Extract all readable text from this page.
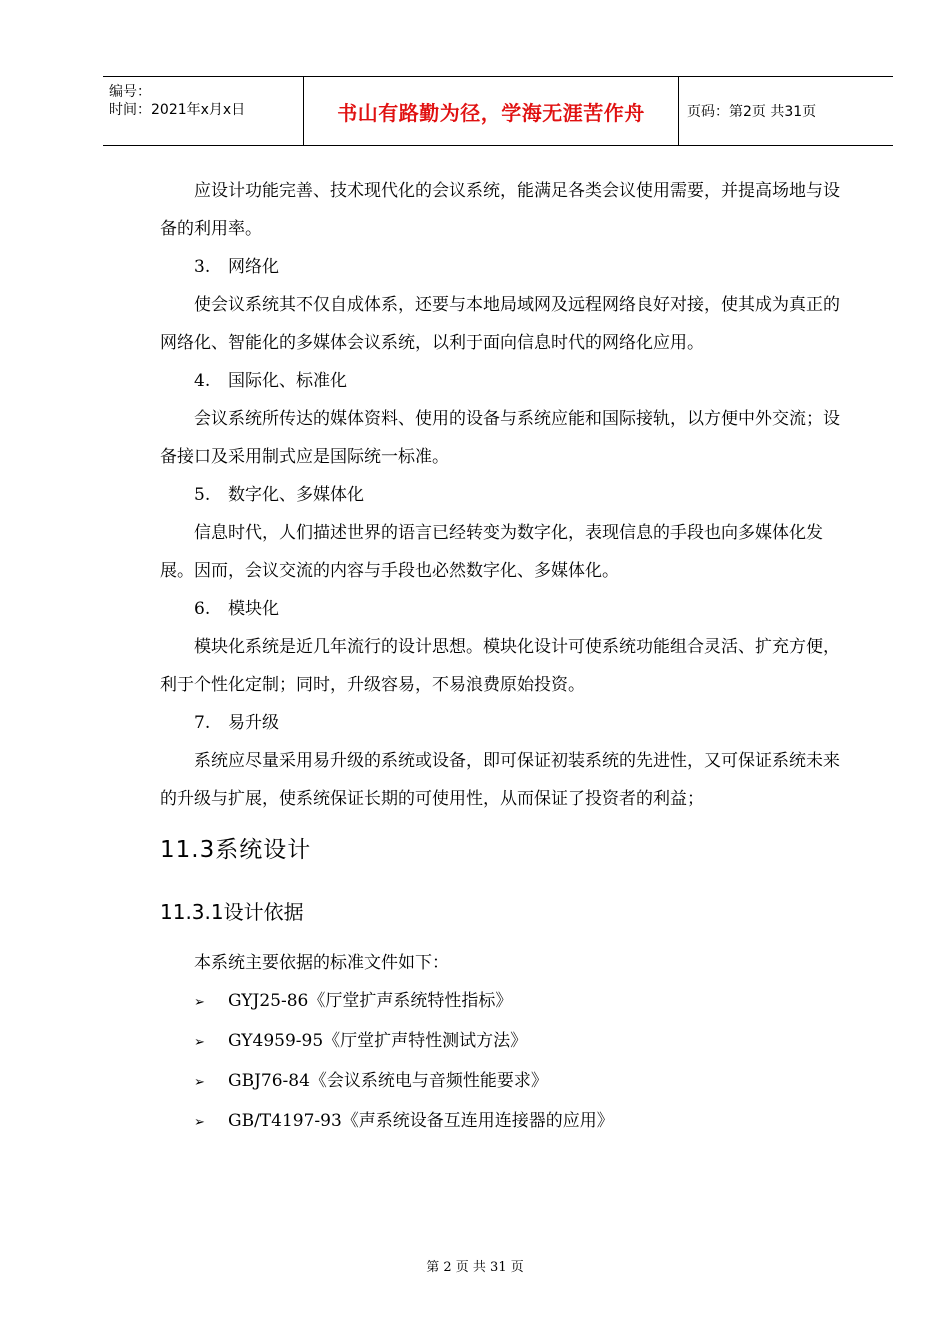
编号：
时间：2021年x月x日	书山有路勤为径，学海无涯苦作舟	页码：第2页 共31页

应设计功能完善、技术现代化的会议系统，能满足各类会议使用需要，并提高场地与设备的利用率。

3. 网络化

使会议系统其不仅自成体系，还要与本地局域网及远程网络良好对接，使其成为真正的网络化、智能化的多媒体会议系统，以利于面向信息时代的网络化应用。

4. 国际化、标准化

会议系统所传达的媒体资料、使用的设备与系统应能和国际接轨，以方便中外交流；设备接口及采用制式应是国际统一标准。

5. 数字化、多媒体化

信息时代，人们描述世界的语言已经转变为数字化，表现信息的手段也向多媒体化发展。因而，会议交流的内容与手段也必然数字化、多媒体化。

6. 模块化

模块化系统是近几年流行的设计思想。模块化设计可使系统功能组合灵活、扩充方便，利于个性化定制；同时，升级容易，不易浪费原始投资。

7. 易升级

系统应尽量采用易升级的系统或设备，即可保证初装系统的先进性，又可保证系统未来的升级与扩展，使系统保证长期的可使用性，从而保证了投资者的利益；

11.3系统设计
11.3.1设计依据

本系统主要依据的标准文件如下：

➢ GYJ25-86《厅堂扩声系统特性指标》
➢ GY4959-95《厅堂扩声特性测试方法》
➢ GBJ76-84《会议系统电与音频性能要求》
➢ GB/T4197-93《声系统设备互连用连接器的应用》
第 2 页 共 31 页
